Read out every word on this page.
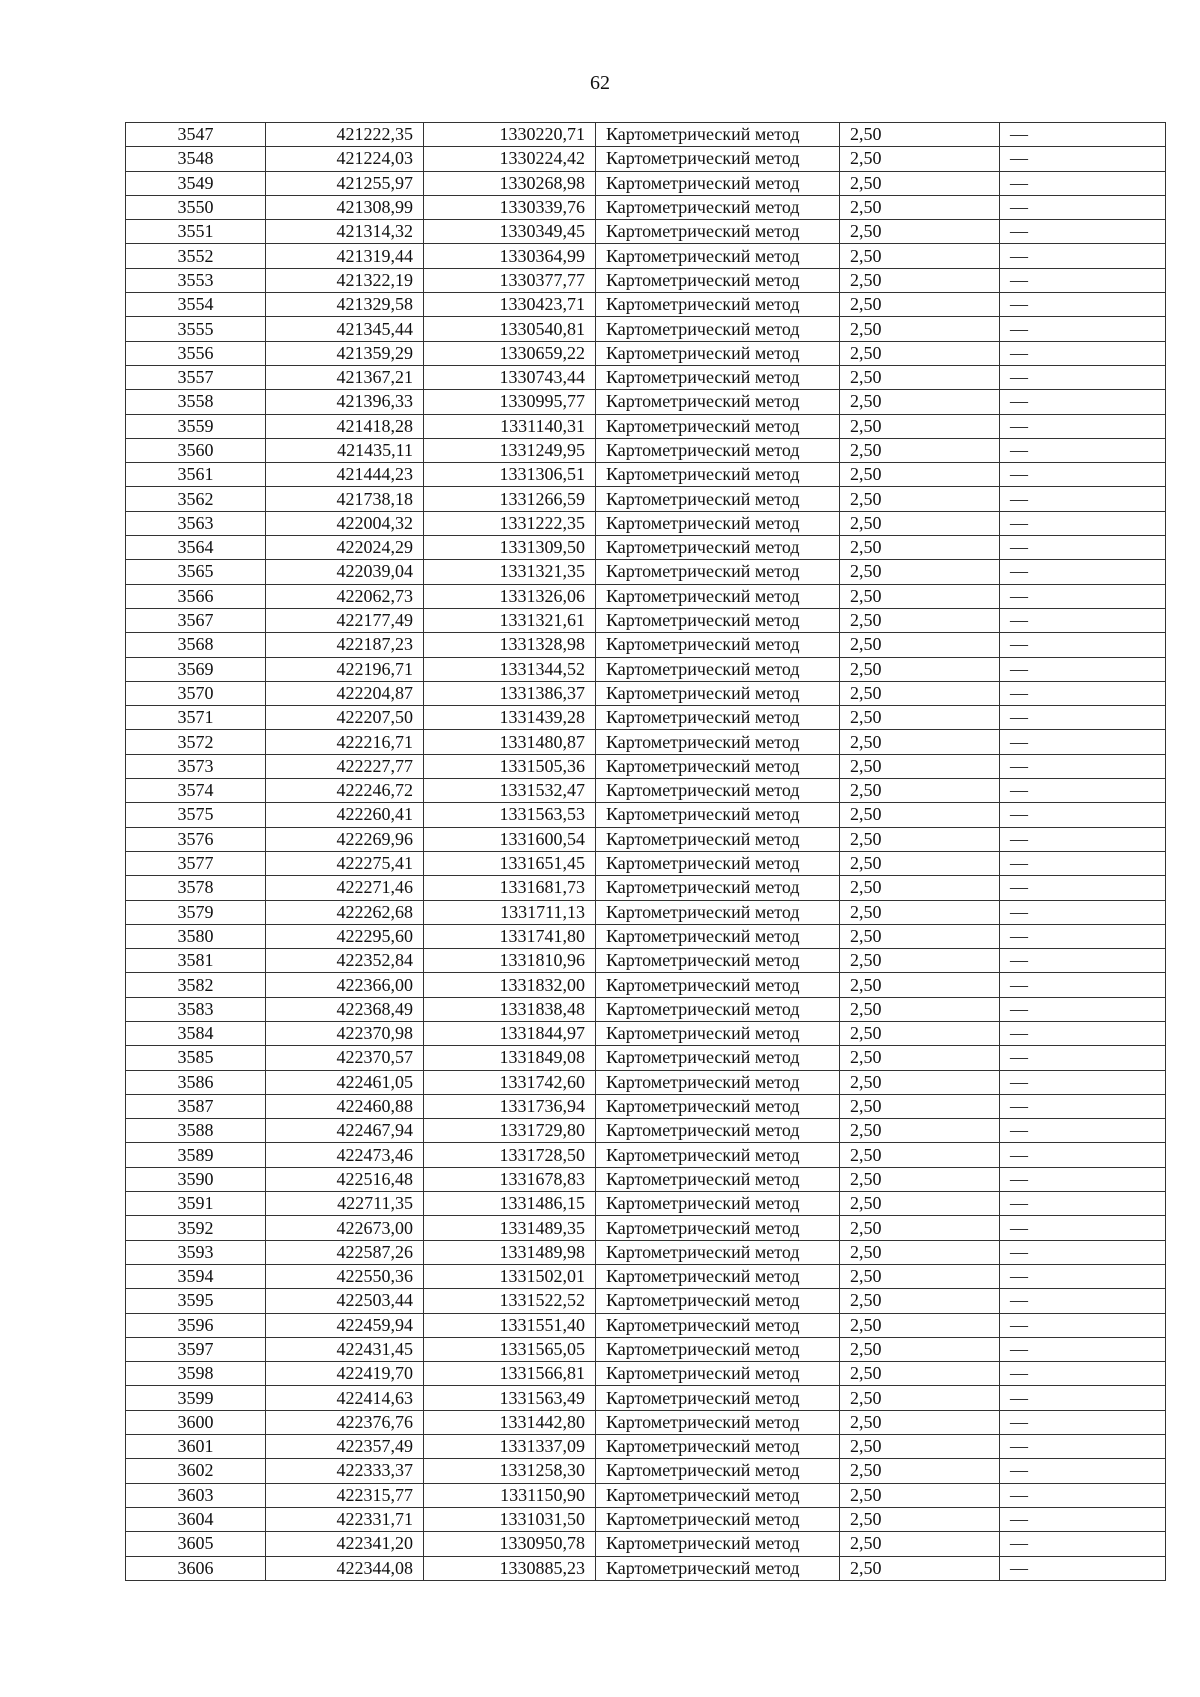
62
3547	421222,35	1330220,71	Картометрический метод	2,50	—
3548	421224,03	1330224,42	Картометрический метод	2,50	—
3549	421255,97	1330268,98	Картометрический метод	2,50	—
3550	421308,99	1330339,76	Картометрический метод	2,50	—
3551	421314,32	1330349,45	Картометрический метод	2,50	—
3552	421319,44	1330364,99	Картометрический метод	2,50	—
3553	421322,19	1330377,77	Картометрический метод	2,50	—
3554	421329,58	1330423,71	Картометрический метод	2,50	—
3555	421345,44	1330540,81	Картометрический метод	2,50	—
3556	421359,29	1330659,22	Картометрический метод	2,50	—
3557	421367,21	1330743,44	Картометрический метод	2,50	—
3558	421396,33	1330995,77	Картометрический метод	2,50	—
3559	421418,28	1331140,31	Картометрический метод	2,50	—
3560	421435,11	1331249,95	Картометрический метод	2,50	—
3561	421444,23	1331306,51	Картометрический метод	2,50	—
3562	421738,18	1331266,59	Картометрический метод	2,50	—
3563	422004,32	1331222,35	Картометрический метод	2,50	—
3564	422024,29	1331309,50	Картометрический метод	2,50	—
3565	422039,04	1331321,35	Картометрический метод	2,50	—
3566	422062,73	1331326,06	Картометрический метод	2,50	—
3567	422177,49	1331321,61	Картометрический метод	2,50	—
3568	422187,23	1331328,98	Картометрический метод	2,50	—
3569	422196,71	1331344,52	Картометрический метод	2,50	—
3570	422204,87	1331386,37	Картометрический метод	2,50	—
3571	422207,50	1331439,28	Картометрический метод	2,50	—
3572	422216,71	1331480,87	Картометрический метод	2,50	—
3573	422227,77	1331505,36	Картометрический метод	2,50	—
3574	422246,72	1331532,47	Картометрический метод	2,50	—
3575	422260,41	1331563,53	Картометрический метод	2,50	—
3576	422269,96	1331600,54	Картометрический метод	2,50	—
3577	422275,41	1331651,45	Картометрический метод	2,50	—
3578	422271,46	1331681,73	Картометрический метод	2,50	—
3579	422262,68	1331711,13	Картометрический метод	2,50	—
3580	422295,60	1331741,80	Картометрический метод	2,50	—
3581	422352,84	1331810,96	Картометрический метод	2,50	—
3582	422366,00	1331832,00	Картометрический метод	2,50	—
3583	422368,49	1331838,48	Картометрический метод	2,50	—
3584	422370,98	1331844,97	Картометрический метод	2,50	—
3585	422370,57	1331849,08	Картометрический метод	2,50	—
3586	422461,05	1331742,60	Картометрический метод	2,50	—
3587	422460,88	1331736,94	Картометрический метод	2,50	—
3588	422467,94	1331729,80	Картометрический метод	2,50	—
3589	422473,46	1331728,50	Картометрический метод	2,50	—
3590	422516,48	1331678,83	Картометрический метод	2,50	—
3591	422711,35	1331486,15	Картометрический метод	2,50	—
3592	422673,00	1331489,35	Картометрический метод	2,50	—
3593	422587,26	1331489,98	Картометрический метод	2,50	—
3594	422550,36	1331502,01	Картометрический метод	2,50	—
3595	422503,44	1331522,52	Картометрический метод	2,50	—
3596	422459,94	1331551,40	Картометрический метод	2,50	—
3597	422431,45	1331565,05	Картометрический метод	2,50	—
3598	422419,70	1331566,81	Картометрический метод	2,50	—
3599	422414,63	1331563,49	Картометрический метод	2,50	—
3600	422376,76	1331442,80	Картометрический метод	2,50	—
3601	422357,49	1331337,09	Картометрический метод	2,50	—
3602	422333,37	1331258,30	Картометрический метод	2,50	—
3603	422315,77	1331150,90	Картометрический метод	2,50	—
3604	422331,71	1331031,50	Картометрический метод	2,50	—
3605	422341,20	1330950,78	Картометрический метод	2,50	—
3606	422344,08	1330885,23	Картометрический метод	2,50	—
